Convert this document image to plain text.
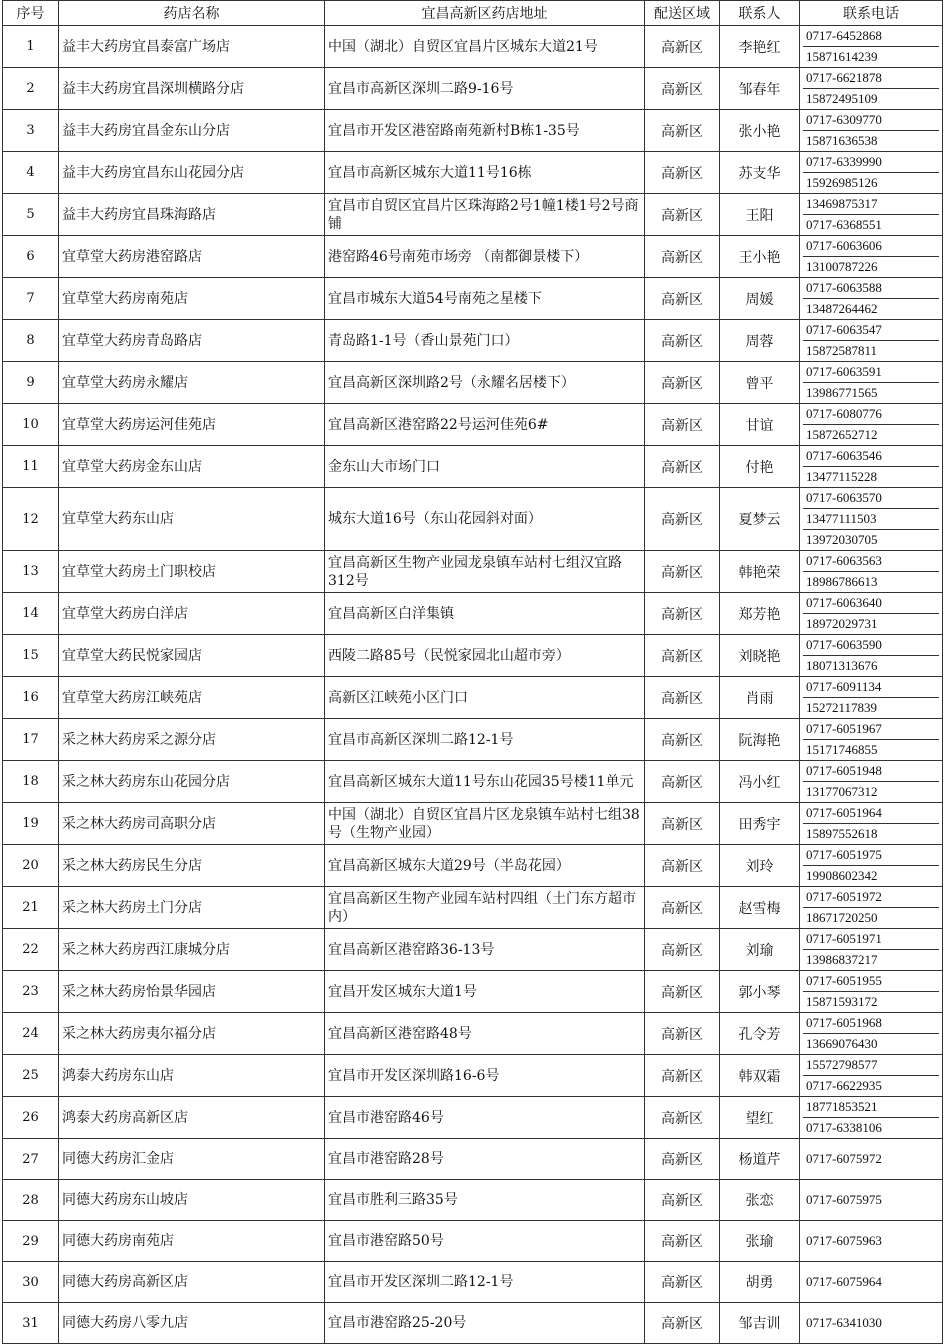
序号	药店名称	宜昌高新区药店地址	配送区域	联系人	联系电话
1	益丰大药房宜昌泰富广场店	中国（湖北）自贸区宜昌片区城东大道21号	高新区	李艳红	0717-6452868
15871614239

2	益丰大药房宜昌深圳横路分店	宜昌市高新区深圳二路9-16号	高新区	邹春年	0717-6621878
15872495109

3	益丰大药房宜昌金东山分店	宜昌市开发区港窑路南苑新村B栋1-35号	高新区	张小艳	0717-6309770
15871636538

4	益丰大药房宜昌东山花园分店	宜昌市高新区城东大道11号16栋	高新区	苏支华	0717-6339990
15926985126

5	益丰大药房宜昌珠海路店	宜昌市自贸区宜昌片区珠海路2号1幢1楼1号2号商铺	高新区	王阳	13469875317
0717-6368551

6	宜草堂大药房港窑路店	港窑路46号南苑市场旁 （南都御景楼下）	高新区	王小艳	0717-6063606
13100787226

7	宜草堂大药房南苑店	宜昌市城东大道54号南苑之星楼下	高新区	周媛	0717-6063588
13487264462

8	宜草堂大药房青岛路店	青岛路1-1号（香山景苑门口）	高新区	周蓉	0717-6063547
15872587811

9	宜草堂大药房永耀店	宜昌高新区深圳路2号（永耀名居楼下）	高新区	曾平	0717-6063591
13986771565

10	宜草堂大药房运河佳苑店	宜昌高新区港窑路22号运河佳苑6#	高新区	甘谊	0717-6080776
15872652712

11	宜草堂大药房金东山店	金东山大市场门口	高新区	付艳	0717-6063546
13477115228

12	宜草堂大药东山店	城东大道16号（东山花园斜对面）	高新区	夏梦云	0717-6063570
13477111503
13972030705

13	宜草堂大药房土门职校店	宜昌高新区生物产业园龙泉镇车站村七组汉宜路312号	高新区	韩艳荣	0717-6063563
18986786613

14	宜草堂大药房白洋店	宜昌高新区白洋集镇	高新区	郑芳艳	0717-6063640
18972029731

15	宜草堂大药民悦家园店	西陵二路85号（民悦家园北山超市旁）	高新区	刘晓艳	0717-6063590
18071313676

16	宜草堂大药房江峡苑店	高新区江峡苑小区门口	高新区	肖雨	0717-6091134
15272117839

17	采之林大药房采之源分店	宜昌市高新区深圳二路12-1号	高新区	阮海艳	0717-6051967
15171746855

18	采之林大药房东山花园分店	宜昌高新区城东大道11号东山花园35号楼11单元	高新区	冯小红	0717-6051948
13177067312

19	采之林大药房司高职分店	中国（湖北）自贸区宜昌片区龙泉镇车站村七组38号（生物产业园）	高新区	田秀宇	0717-6051964
15897552618

20	采之林大药房民生分店	宜昌高新区城东大道29号（半岛花园）	高新区	刘玲	0717-6051975
19908602342

21	采之林大药房土门分店	宜昌高新区生物产业园车站村四组（土门东方超市内）	高新区	赵雪梅	0717-6051972
18671720250

22	采之林大药房西江康城分店	宜昌高新区港窑路36-13号	高新区	刘瑜	0717-6051971
13986837217

23	采之林大药房怡景华园店	宜昌开发区城东大道1号	高新区	郭小琴	0717-6051955
15871593172

24	采之林大药房夷尔福分店	宜昌高新区港窑路48号	高新区	孔令芳	0717-6051968
13669076430

25	鸿泰大药房东山店	宜昌市开发区深圳路16-6号	高新区	韩双霜	15572798577
0717-6622935

26	鸿泰大药房高新区店	宜昌市港窑路46号	高新区	望红	18771853521
0717-6338106

27	同德大药房汇金店	宜昌市港窑路28号	高新区	杨道芹	0717-6075972

28	同德大药房东山坡店	宜昌市胜利三路35号	高新区	张恋	0717-6075975

29	同德大药房南苑店	宜昌市港窑路50号	高新区	张瑜	0717-6075963

30	同德大药房高新区店	宜昌市开发区深圳二路12-1号	高新区	胡勇	0717-6075964

31	同德大药房八零九店	宜昌市港窑路25-20号	高新区	邹吉训	0717-6341030
